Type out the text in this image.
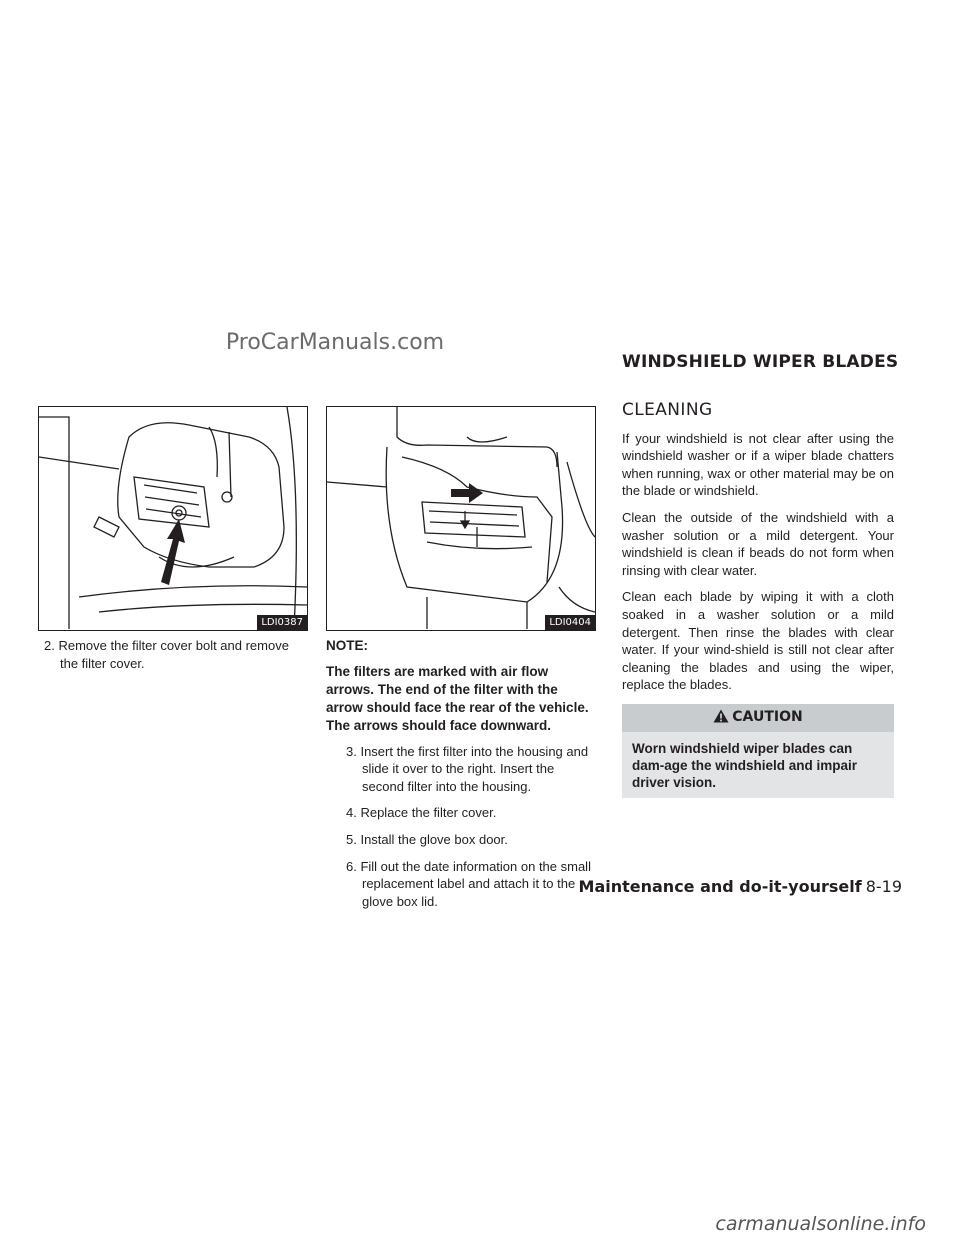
ProCarManuals.com
WINDSHIELD WIPER BLADES
LDI0387	LDI0404

2. Remove the filter cover bolt and remove the filter cover.

NOTE:

The filters are marked with air flow arrows. The end of the filter with the arrow should face the rear of the vehicle. The arrows should face downward.

3. Insert the first filter into the housing and slide it over to the right. Insert the second filter into the housing.

4. Replace the filter cover.

5. Install the glove box door.

6. Fill out the date information on the small replacement label and attach it to the glove box lid.

CLEANING

If your windshield is not clear after using the windshield washer or if a wiper blade chatters when running, wax or other material may be on the blade or windshield.

Clean the outside of the windshield with a washer solution or a mild detergent. Your windshield is clean if beads do not form when rinsing with clear water.

Clean each blade by wiping it with a cloth soaked in a washer solution or a mild detergent. Then rinse the blades with clear water. If your wind-shield is still not clear after cleaning the blades and using the wiper, replace the blades.

CAUTION
Worn windshield wiper blades can dam-age the windshield and impair driver vision.
Maintenance and do-it-yourself 8-19
carmanualsonline.info
